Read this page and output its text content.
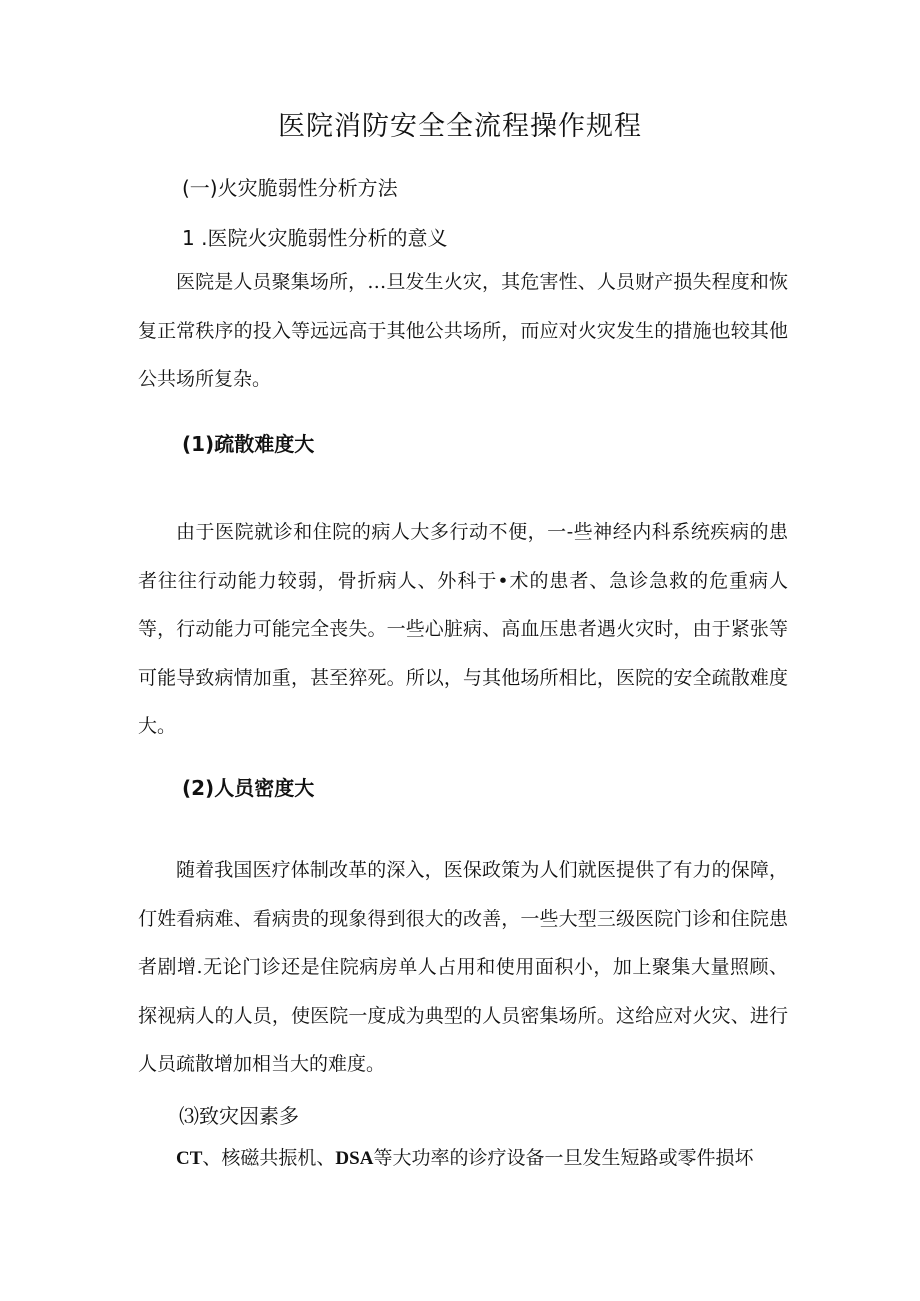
医院消防安全全流程操作规程
(一)火灾脆弱性分析方法
1 .医院火灾脆弱性分析的意义

医院是人员聚集场所，…旦发生火灾，其危害性、人员财产损失程度和恢复正常秩序的投入等远远高于其他公共场所，而应对火灾发生的措施也较其他公共场所复杂。

(1)疏散难度大

由于医院就诊和住院的病人大多行动不便，一-些神经内科系统疾病的患者往往行动能力较弱，骨折病人、外科于•术的患者、急诊急救的危重病人等，行动能力可能完全丧失。一些心脏病、高血压患者遇火灾时，由于紧张等可能导致病情加重，甚至猝死。所以，与其他场所相比，医院的安全疏散难度大。

(2)人员密度大

随着我国医疗体制改革的深入，医保政策为人们就医提供了有力的保障，仃姓看病难、看病贵的现象得到很大的改善，一些大型三级医院门诊和住院患者剧增.无论门诊还是住院病房单人占用和使用面积小，加上聚集大量照顾、探视病人的人员，使医院一度成为典型的人员密集场所。这给应对火灾、进行人员疏散增加相当大的难度。

⑶致灾因素多

CT、核磁共振机、DSA等大功率的诊疗设备一旦发生短路或零件损坏
